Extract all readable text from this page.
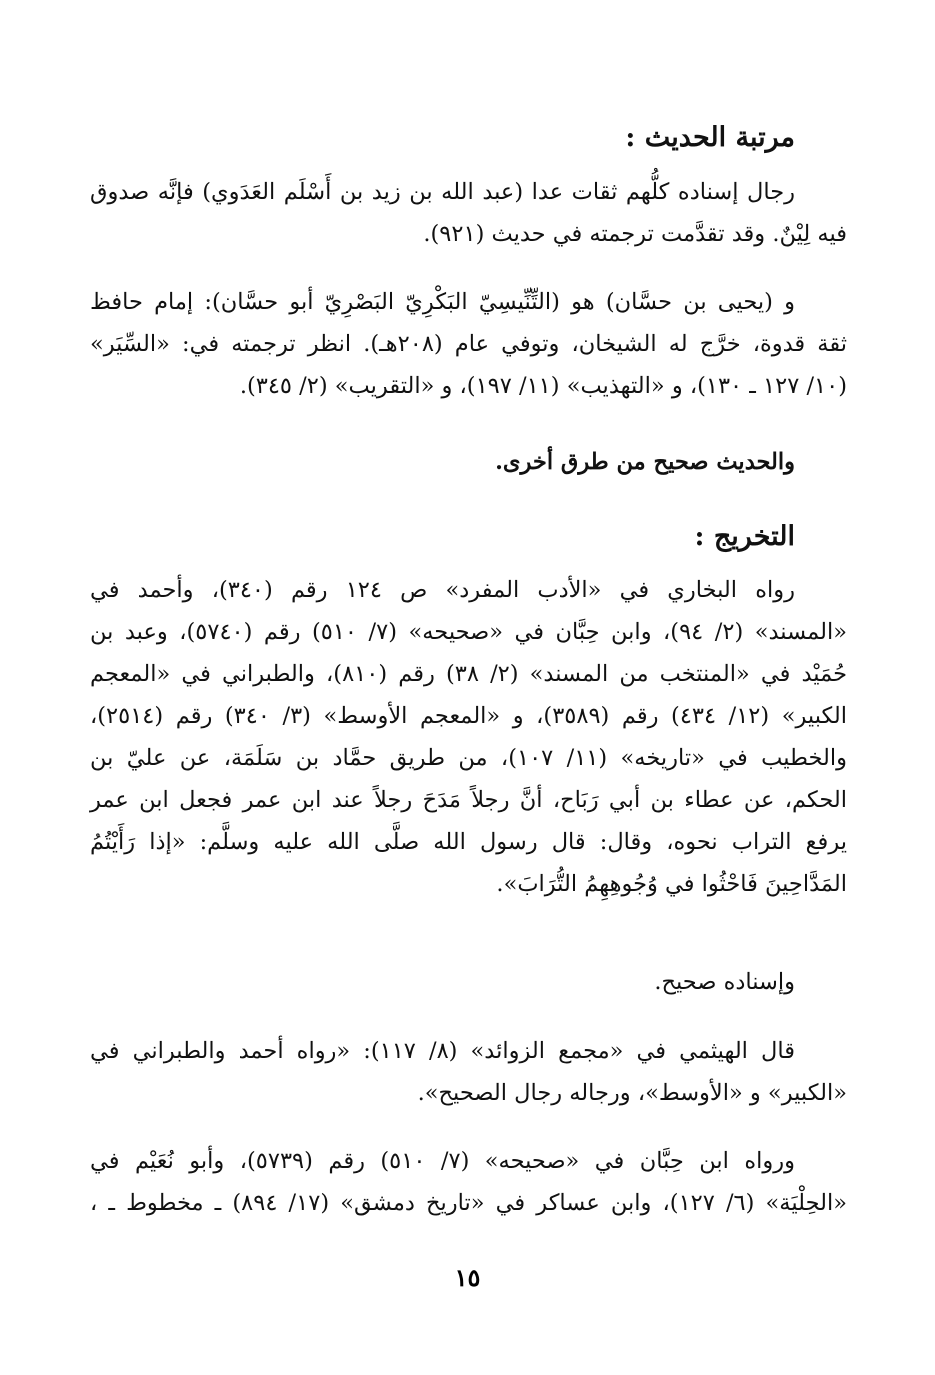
مرتبة الحديث :
رجال إسناده كلُّهم ثقات عدا (عبد الله بن زيد بن أَسْلَم العَدَوي) فإنَّه صدوق
فيه لِيْنٌ. وقد تقدَّمت ترجمته في حديث (٩٢١).
و (يحيى بن حسَّان) هو (التِّنِّيسِيّ البَكْرِيّ البَصْرِيّ أبو حسَّان): إمام حافظ
ثقة قدوة، خرَّج له الشيخان، وتوفي عام (٢٠٨هـ). انظر ترجمته في: «السِّيَر»
(١٠/ ١٢٧ ـ ١٣٠)، و «التهذيب» (١١/ ١٩٧)، و «التقريب» (٢/ ٣٤٥).
والحديث صحيح من طرق أخرى.
التخريج :
رواه البخاري في «الأدب المفرد» ص ١٢٤ رقم (٣٤٠)، وأحمد في
«المسند» (٢/ ٩٤)، وابن حِبَّان في «صحيحه» (٧/ ٥١٠) رقم (٥٧٤٠)، وعبد بن
حُمَيْد في «المنتخب من المسند» (٢/ ٣٨) رقم (٨١٠)، والطبراني في «المعجم
الكبير» (١٢/ ٤٣٤) رقم (٣٥٨٩)، و «المعجم الأوسط» (٣/ ٣٤٠) رقم (٢٥١٤)،
والخطيب في «تاريخه» (١١/ ١٠٧)، من طريق حمَّاد بن سَلَمَة، عن عليّ بن
الحكم، عن عطاء بن أبي رَبَاح، أنَّ رجلاً مَدَحَ رجلاً عند ابن عمر فجعل ابن عمر
يرفع التراب نحوه، وقال: قال رسول الله صلَّى الله عليه وسلَّم: «إذا رَأَيْتُمُ
المَدَّاحِينَ فَاحْثُوا في وُجُوهِهِمُ التُّرَابَ».
وإسناده صحيح.
قال الهيثمي في «مجمع الزوائد» (٨/ ١١٧): «رواه أحمد والطبراني في
«الكبير» و «الأوسط»، ورجاله رجال الصحيح».
ورواه ابن حِبَّان في «صحيحه» (٧/ ٥١٠) رقم (٥٧٣٩)، وأبو نُعَيْم في
«الحِلْيَة» (٦/ ١٢٧)، وابن عساكر في «تاريخ دمشق» (١٧/ ٨٩٤) ـ مخطوط ـ ،
١٥
